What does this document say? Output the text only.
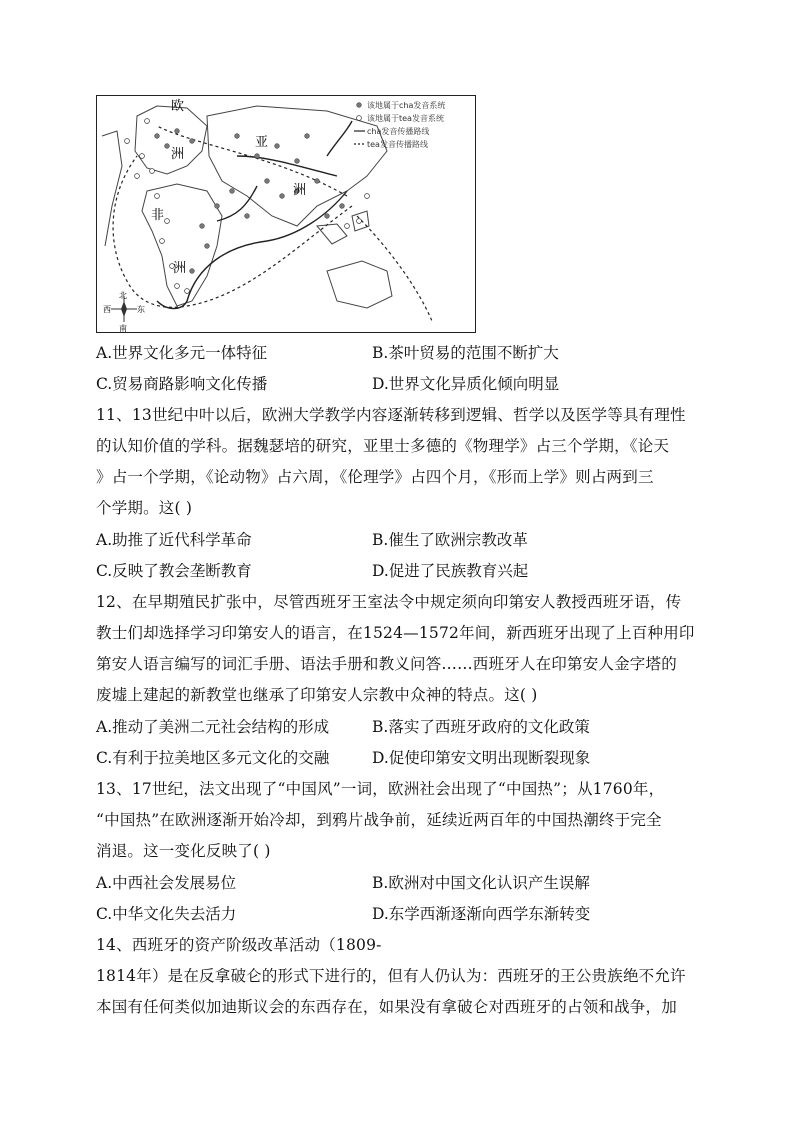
欧
洲
亚
洲
非
洲
北
南
西	东
该地属于cha发音系统
该地属于tea发音系统
cha发音传播路线
tea发音传播路线
A.世界文化多元一体特征	B.茶叶贸易的范围不断扩大
C.贸易商路影响文化传播	D.世界文化异质化倾向明显
11、13世纪中叶以后，欧洲大学教学内容逐渐转移到逻辑、哲学以及医学等具有理性
的认知价值的学科。据魏瑟培的研究，亚里士多德的《物理学》占三个学期，《论天
》占一个学期，《论动物》占六周，《伦理学》占四个月，《形而上学》则占两到三
个学期。这( )
A.助推了近代科学革命	B.催生了欧洲宗教改革
C.反映了教会垄断教育	D.促进了民族教育兴起
12、在早期殖民扩张中，尽管西班牙王室法令中规定须向印第安人教授西班牙语，传
教士们却选择学习印第安人的语言，在1524—1572年间，新西班牙出现了上百种用印
第安人语言编写的词汇手册、语法手册和教义问答……西班牙人在印第安人金字塔的
废墟上建起的新教堂也继承了印第安人宗教中众神的特点。这( )
A.推动了美洲二元社会结构的形成	B.落实了西班牙政府的文化政策
C.有利于拉美地区多元文化的交融	D.促使印第安文明出现断裂现象
13、17世纪，法文出现了“中国风”一词，欧洲社会出现了“中国热”；从1760年，
“中国热”在欧洲逐渐开始冷却，到鸦片战争前，延续近两百年的中国热潮终于完全
消退。这一变化反映了( )
A.中西社会发展易位	B.欧洲对中国文化认识产生误解
C.中华文化失去活力	D.东学西渐逐渐向西学东渐转变
14、西班牙的资产阶级改革活动（1809-
1814年）是在反拿破仑的形式下进行的，但有人仍认为：西班牙的王公贵族绝不允许
本国有任何类似加迪斯议会的东西存在，如果没有拿破仑对西班牙的占领和战争，加
